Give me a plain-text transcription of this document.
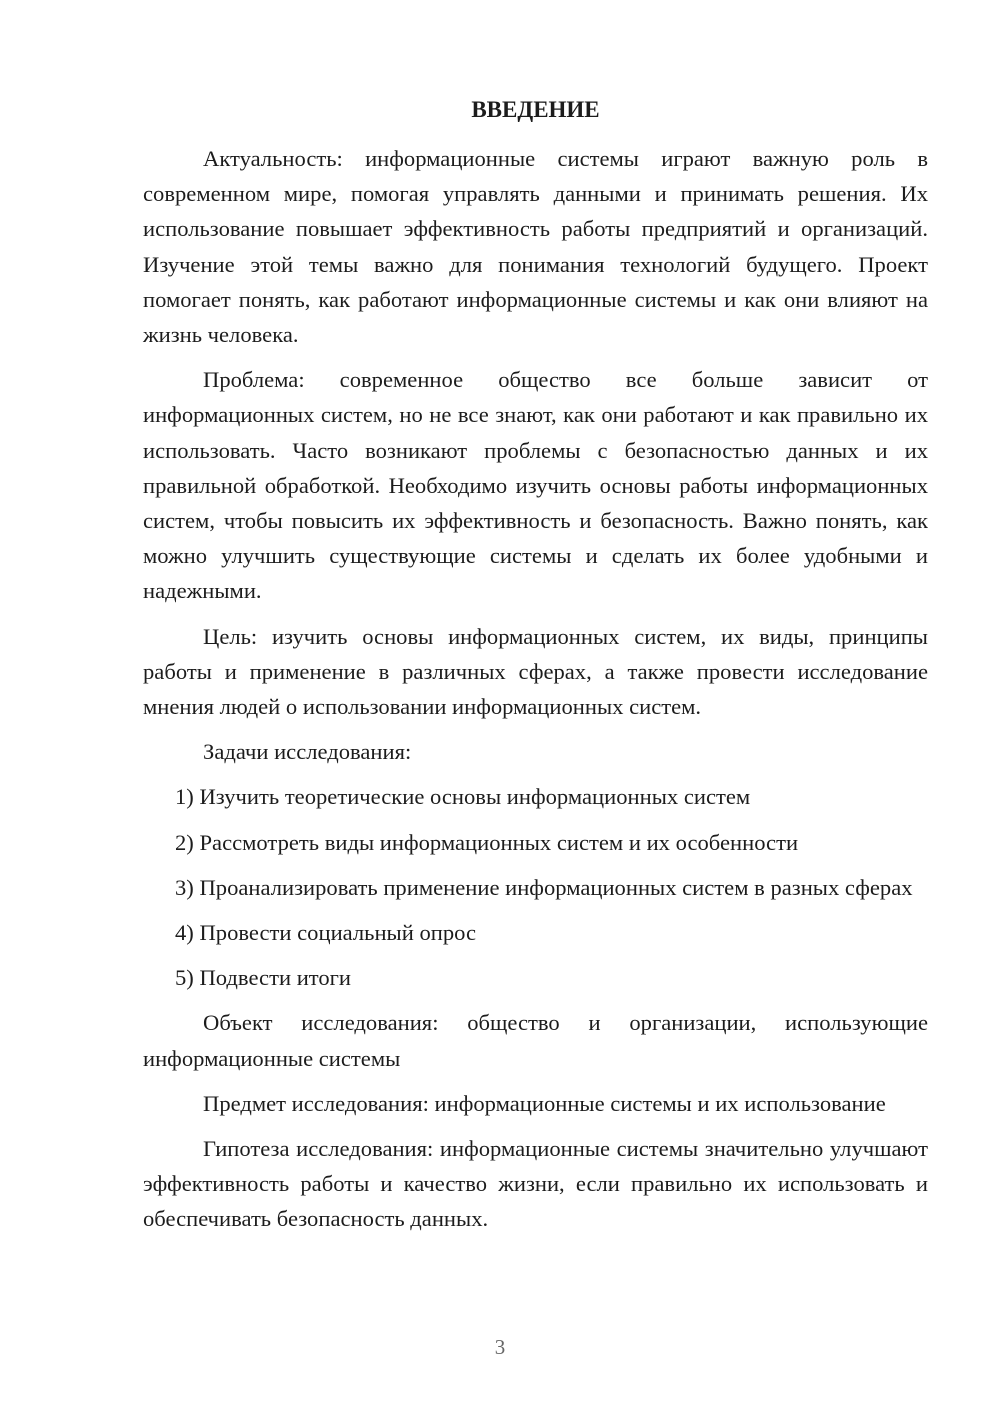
ВВЕДЕНИЕ

Актуальность: информационные системы играют важную роль в современном мире, помогая управлять данными и принимать решения. Их использование повышает эффективность работы предприятий и организаций. Изучение этой темы важно для понимания технологий будущего. Проект помогает понять, как работают информационные системы и как они влияют на жизнь человека.

Проблема: современное общество все больше зависит от информационных систем, но не все знают, как они работают и как правильно их использовать. Часто возникают проблемы с безопасностью данных и их правильной обработкой. Необходимо изучить основы работы информационных систем, чтобы повысить их эффективность и безопасность. Важно понять, как можно улучшить существующие системы и сделать их более удобными и надежными.

Цель: изучить основы информационных систем, их виды, принципы работы и применение в различных сферах, а также провести исследование мнения людей о использовании информационных систем.

Задачи исследования:

1) Изучить теоретические основы информационных систем

2) Рассмотреть виды информационных систем и их особенности

3) Проанализировать применение информационных систем в разных сферах

4) Провести социальный опрос

5) Подвести итоги

Объект исследования: общество и организации, использующие информационные системы

Предмет исследования: информационные системы и их использование

Гипотеза исследования: информационные системы значительно улучшают эффективность работы и качество жизни, если правильно их использовать и обеспечивать безопасность данных.

3
